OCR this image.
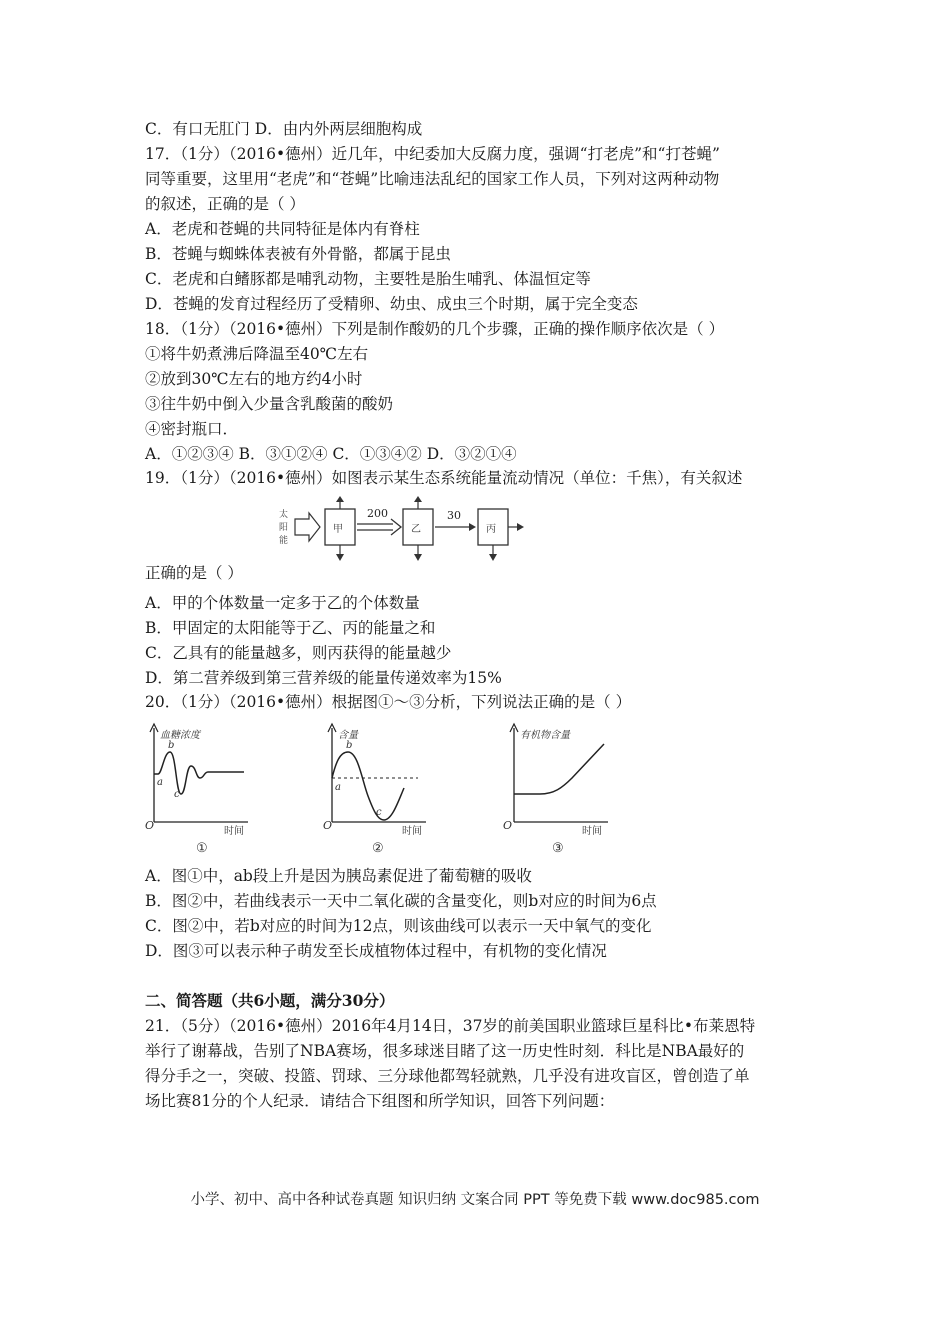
C．有口无肛门 D．由内外两层细胞构成
17．（1分）（2016•德州）近几年，中纪委加大反腐力度，强调“打老虎”和“打苍蝇”
同等重要，这里用“老虎”和“苍蝇”比喻违法乱纪的国家工作人员，下列对这两种动物
的叙述，正确的是（ ）
A．老虎和苍蝇的共同特征是体内有脊柱
B．苍蝇与蜘蛛体表被有外骨骼，都属于昆虫
C．老虎和白鳍豚都是哺乳动物，主要牲是胎生哺乳、体温恒定等
D．苍蝇的发育过程经历了受精卵、幼虫、成虫三个时期，属于完全变态
18．（1分）（2016•德州）下列是制作酸奶的几个步骤，正确的操作顺序依次是（ ）
①将牛奶煮沸后降温至40℃左右
②放到30℃左右的地方约4小时
③往牛奶中倒入少量含乳酸菌的酸奶
④密封瓶口．
A．①②③④ B．③①②④ C．①③④② D．③②①④
19．（1分）（2016•德州）如图表示某生态系统能量流动情况（单位：千焦），有关叙述
太
阳
能
甲
200
乙
30
丙
正确的是（ ）
A．甲的个体数量一定多于乙的个体数量
B．甲固定的太阳能等于乙、丙的能量之和
C．乙具有的能量越多，则丙获得的能量越少
D．第二营养级到第三营养级的能量传递效率为15%
20．（1分）（2016•德州）根据图①～③分析，下列说法正确的是（ ）
血糖浓度
a
b
c
O	时间
①
含量
a
b
c
O	时间
②
有机物含量
O	时间
③
A．图①中，ab段上升是因为胰岛素促进了葡萄糖的吸收
B．图②中，若曲线表示一天中二氧化碳的含量变化，则b对应的时间为6点
C．图②中，若b对应的时间为12点，则该曲线可以表示一天中氧气的变化
D．图③可以表示种子萌发至长成植物体过程中，有机物的变化情况
二、简答题（共6小题，满分30分）
21．（5分）（2016•德州）2016年4月14日，37岁的前美国职业篮球巨星科比•布莱恩特
举行了谢幕战，告别了NBA赛场，很多球迷目睹了这一历史性时刻．科比是NBA最好的
得分手之一，突破、投篮、罚球、三分球他都驾轻就熟，几乎没有进攻盲区，曾创造了单
场比赛81分的个人纪录．请结合下组图和所学知识，回答下列问题：
小学、初中、高中各种试卷真题 知识归纳 文案合同 PPT 等免费下载 www.doc985.com
